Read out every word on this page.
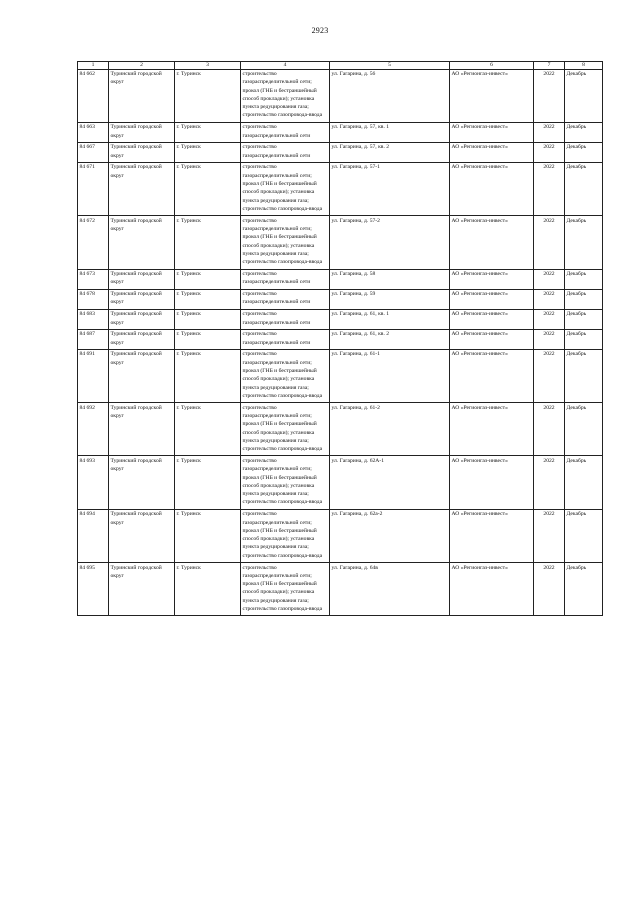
2923
1	2	3	4	5	6	7	8
84 662	Туринский городской округ	г. Туринск	строительство газораспределительной сети; прокол (ГНБ и бестраншейный способ прокладки); установка пункта редуцирования газа; строительство газопровода-ввода	ул. Гагарина, д. 56	АО «Регионгаз-инвест»	2022	Декабрь
84 663	Туринский городской округ	г. Туринск	строительство газораспределительной сети	ул. Гагарина, д. 57, кв. 1	АО «Регионгаз-инвест»	2022	Декабрь
84 667	Туринский городской округ	г. Туринск	строительство газораспределительной сети	ул. Гагарина, д. 57, кв. 2	АО «Регионгаз-инвест»	2022	Декабрь
84 671	Туринский городской округ	г. Туринск	строительство газораспределительной сети; прокол (ГНБ и бестраншейный способ прокладки); установка пункта редуцирования газа; строительство газопровода-ввода	ул. Гагарина, д. 57-1	АО «Регионгаз-инвест»	2022	Декабрь
84 672	Туринский городской округ	г. Туринск	строительство газораспределительной сети; прокол (ГНБ и бестраншейный способ прокладки); установка пункта редуцирования газа; строительство газопровода-ввода	ул. Гагарина, д. 57-2	АО «Регионгаз-инвест»	2022	Декабрь
84 673	Туринский городской округ	г. Туринск	строительство газораспределительной сети	ул. Гагарина, д. 58	АО «Регионгаз-инвест»	2022	Декабрь
84 678	Туринский городской округ	г. Туринск	строительство газораспределительной сети	ул. Гагарина, д. 59	АО «Регионгаз-инвест»	2022	Декабрь
84 683	Туринский городской округ	г. Туринск	строительство газораспределительной сети	ул. Гагарина, д. 61, кв. 1	АО «Регионгаз-инвест»	2022	Декабрь
84 687	Туринский городской округ	г. Туринск	строительство газораспределительной сети	ул. Гагарина, д. 61, кв. 2	АО «Регионгаз-инвест»	2022	Декабрь
84 691	Туринский городской округ	г. Туринск	строительство газораспределительной сети; прокол (ГНБ и бестраншейный способ прокладки); установка пункта редуцирования газа; строительство газопровода-ввода	ул. Гагарина, д. 61-1	АО «Регионгаз-инвест»	2022	Декабрь
84 692	Туринский городской округ	г. Туринск	строительство газораспределительной сети; прокол (ГНБ и бестраншейный способ прокладки); установка пункта редуцирования газа; строительство газопровода-ввода	ул. Гагарина, д. 61-2	АО «Регионгаз-инвест»	2022	Декабрь
84 693	Туринский городской округ	г. Туринск	строительство газораспределительной сети; прокол (ГНБ и бестраншейный способ прокладки); установка пункта редуцирования газа; строительство газопровода-ввода	ул. Гагарина, д. 62А-1	АО «Регионгаз-инвест»	2022	Декабрь
84 694	Туринский городской округ	г. Туринск	строительство газораспределительной сети; прокол (ГНБ и бестраншейный способ прокладки); установка пункта редуцирования газа; строительство газопровода-ввода	ул. Гагарина, д. 62а-2	АО «Регионгаз-инвест»	2022	Декабрь
84 695	Туринский городской округ	г. Туринск	строительство газораспределительной сети; прокол (ГНБ и бестраншейный способ прокладки); установка пункта редуцирования газа; строительство газопровода-ввода	ул. Гагарина, д. 64в	АО «Регионгаз-инвест»	2022	Декабрь
